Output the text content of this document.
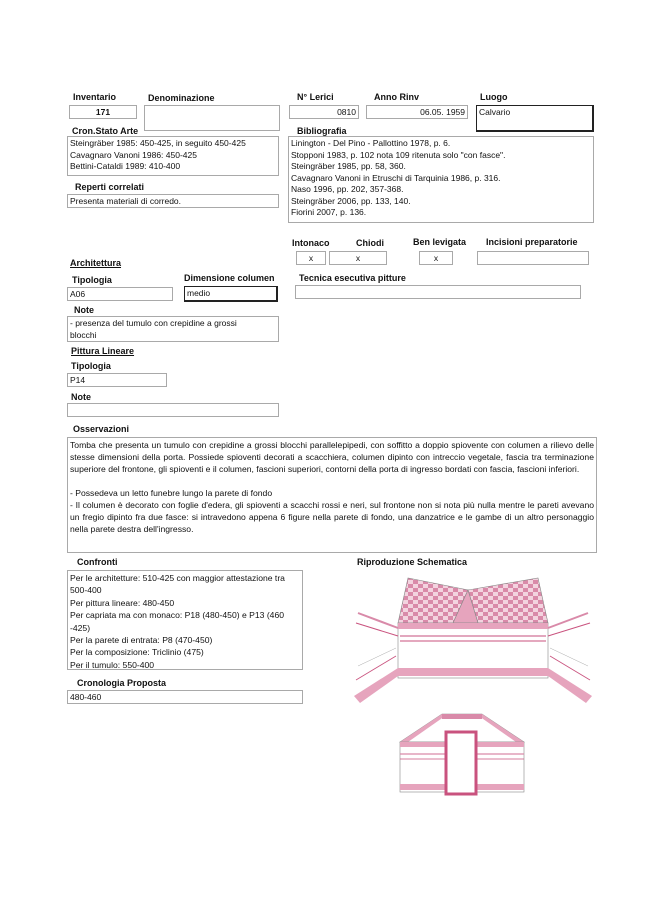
Inventario
171
Denominazione	N° Lerici
0810
Anno Rinv
06.05. 1959
Luogo
Calvario
Cron.Stato Arte
Steingräber 1985: 450-425, in seguito 450-425
Cavagnaro Vanoni 1986: 450-425
Bettini-Cataldi 1989: 410-400
Bibliografia
Linington - Del Pino - Pallottino 1978, p. 6.
Stopponi 1983, p. 102 nota 109 ritenuta solo "con fasce".
Steingräber 1985, pp. 58, 360.
Cavagnaro Vanoni in Etruschi di Tarquinia 1986, p. 316.
Naso 1996, pp. 202, 357-368.
Steingräber 2006, pp. 133, 140.
Fiorini 2007, p. 136.
Reperti correlati
Presenta materiali di corredo.
Intonaco
x
Chiodi
x
Ben levigata
x
Incisioni preparatorie
Architettura
Tipologia
A06
Dimensione columen
medio
Tecnica esecutiva pitture
Note
- presenza del tumulo con crepidine a grossi
blocchi
Pittura Lineare
Tipologia
P14
Note
Osservazioni
Tomba che presenta un tumulo con crepidine a grossi blocchi parallelepipedi, con soffitto a doppio spiovente con columen a rilievo delle stesse dimensioni della porta. Possiede spioventi decorati a scacchiera, columen dipinto con intreccio vegetale, fascia tra terminazione superiore del frontone, gli spioventi e il columen, fascioni superiori, contorni della porta di ingresso bordati con fascia, fascioni inferiori.
- Possedeva un letto funebre lungo la parete di fondo
- Il columen è decorato con foglie d'edera, gli spioventi a scacchi rossi e neri, sul frontone non si nota più nulla mentre le pareti avevano un fregio dipinto fra due fasce: si intravedono appena 6 figure nella parete di fondo, una danzatrice e le gambe di un altro personaggio nella parete destra dell'ingresso.
Confronti
Per le architetture: 510-425 con maggior attestazione tra 500-400
Per pittura lineare: 480-450
Per capriata ma con monaco: P18 (480-450) e P13 (460 -425)
Per la parete di entrata: P8 (470-450)
Per la composizione: Triclinio (475)
Per il tumulo: 550-400
Cronologia Proposta
480-460
Riproduzione Schematica
